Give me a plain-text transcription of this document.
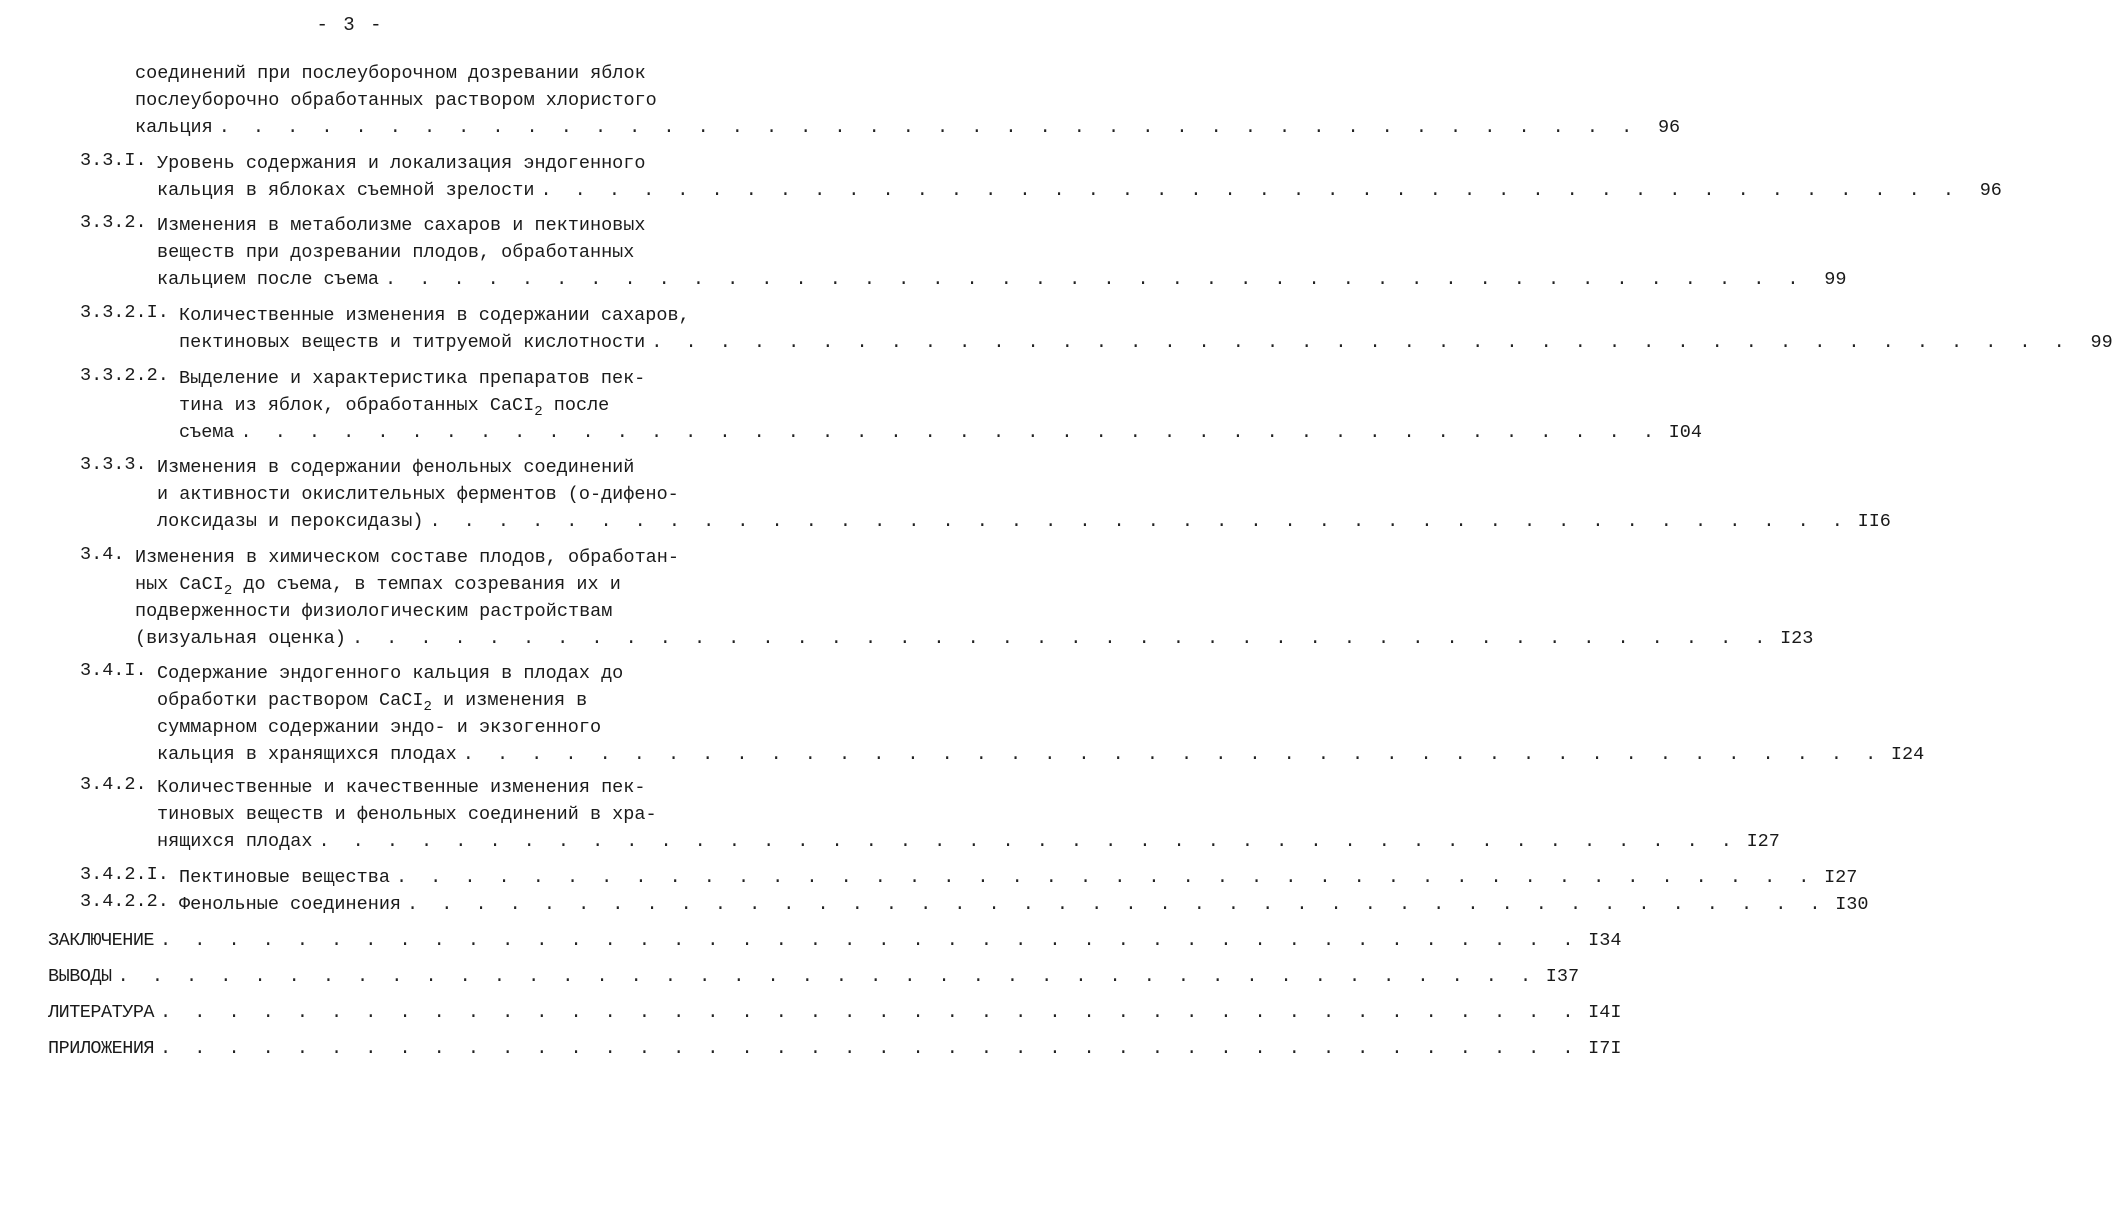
- 3 -
соединений при послеуборочном дозревании яблок
послеуборочно обработанных раствором хлористого
кальция . . . . . . . . . . . . . . . . . . . . . . . . . . . . . . . . . . . . . . . . . .	96
3.3.I. Уровень содержания и локализация эндогенного
кальция в яблоках съемной зрелости . . . . . . . . . . . . . . . . . . . . . . . . . . . . . . . . . . . . . . . . . .	96
3.3.2. Изменения в метаболизме сахаров и пектиновых
веществ при дозревании плодов, обработанных
кальцием после съема . . . . . . . . . . . . . . . . . . . . . . . . . . . . . . . . . . . . . . . . . .	99
3.3.2.I. Количественные изменения в содержании сахаров,
пектиновых веществ и титруемой кислотности . . . . . . . . . . . . . . . . . . . . . . . . . . . . . . . . . . . . . . . . . .	99
3.3.2.2. Выделение и характеристика препаратов пек-
тина из яблок, обработанных CaCI$_2$ после
съема . . . . . . . . . . . . . . . . . . . . . . . . . . . . . . . . . . . . . . . . . . I04
3.3.3. Изменения в содержании фенольных соединений
и активности окислительных ферментов (о-дифено-
локсидазы и пероксидазы) . . . . . . . . . . . . . . . . . . . . . . . . . . . . . . . . . . . . . . . . . . II6
3.4. Изменения в химическом составе плодов, обработан-
ных CaCI$_2$ до съема, в темпах созревания их и
подверженности физиологическим растройствам
(визуальная оценка) . . . . . . . . . . . . . . . . . . . . . . . . . . . . . . . . . . . . . . . . . . I23
3.4.I. Содержание эндогенного кальция в плодах до
обработки раствором CaCI$_2$ и изменения в
суммарном содержании эндо- и экзогенного
кальция в хранящихся плодах . . . . . . . . . . . . . . . . . . . . . . . . . . . . . . . . . . . . . . . . . . I24
3.4.2. Количественные и качественные изменения пек-
тиновых веществ и фенольных соединений в хра-
нящихся плодах . . . . . . . . . . . . . . . . . . . . . . . . . . . . . . . . . . . . . . . . . . I27
3.4.2.I. Пектиновые вещества . . . . . . . . . . . . . . . . . . . . . . . . . . . . . . . . . . . . . . . . . . I27
3.4.2.2. Фенольные соединения . . . . . . . . . . . . . . . . . . . . . . . . . . . . . . . . . . . . . . . . . . I30
ЗАКЛЮЧЕНИЕ . . . . . . . . . . . . . . . . . . . . . . . . . . . . . . . . . . . . . . . . . . I34
ВЫВОДЫ . . . . . . . . . . . . . . . . . . . . . . . . . . . . . . . . . . . . . . . . . . I37
ЛИТЕРАТУРА . . . . . . . . . . . . . . . . . . . . . . . . . . . . . . . . . . . . . . . . . . I4I
ПРИЛОЖЕНИЯ . . . . . . . . . . . . . . . . . . . . . . . . . . . . . . . . . . . . . . . . . . I7I
